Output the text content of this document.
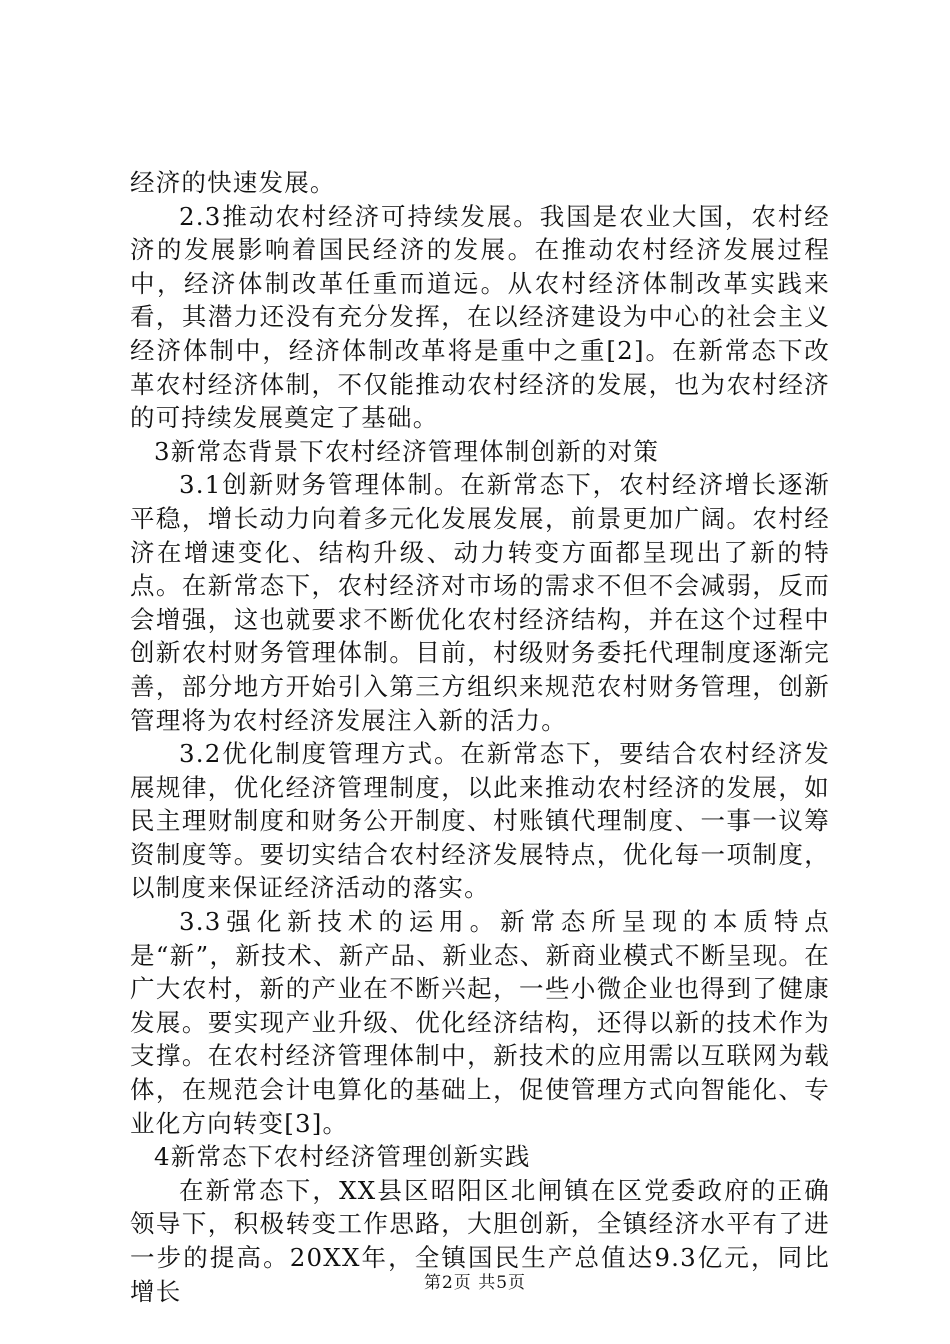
经济的快速发展。

2.3推动农村经济可持续发展。我国是农业大国，农村经济的发展影响着国民经济的发展。在推动农村经济发展过程中，经济体制改革任重而道远。从农村经济体制改革实践来看，其潜力还没有充分发挥，在以经济建设为中心的社会主义经济体制中，经济体制改革将是重中之重[2]。在新常态下改革农村经济体制，不仅能推动农村经济的发展，也为农村经济的可持续发展奠定了基础。

3新常态背景下农村经济管理体制创新的对策

3.1创新财务管理体制。在新常态下，农村经济增长逐渐平稳，增长动力向着多元化发展发展，前景更加广阔。农村经济在增速变化、结构升级、动力转变方面都呈现出了新的特点。在新常态下，农村经济对市场的需求不但不会减弱，反而会增强，这也就要求不断优化农村经济结构，并在这个过程中创新农村财务管理体制。目前，村级财务委托代理制度逐渐完善，部分地方开始引入第三方组织来规范农村财务管理，创新管理将为农村经济发展注入新的活力。

3.2优化制度管理方式。在新常态下，要结合农村经济发展规律，优化经济管理制度，以此来推动农村经济的发展，如民主理财制度和财务公开制度、村账镇代理制度、一事一议筹资制度等。要切实结合农村经济发展特点，优化每一项制度，以制度来保证经济活动的落实。

3.3强化新技术的运用。新常态所呈现的本质特点是“新”，新技术、新产品、新业态、新商业模式不断呈现。在广大农村，新的产业在不断兴起，一些小微企业也得到了健康发展。要实现产业升级、优化经济结构，还得以新的技术作为支撑。在农村经济管理体制中，新技术的应用需以互联网为载体，在规范会计电算化的基础上，促使管理方式向智能化、专业化方向转变[3]。

4新常态下农村经济管理创新实践

在新常态下，XX县区昭阳区北闸镇在区党委政府的正确领导下，积极转变工作思路，大胆创新，全镇经济水平有了进一步的提高。20XX年，全镇国民生产总值达9.3亿元，同比增长	第2页 共5页
